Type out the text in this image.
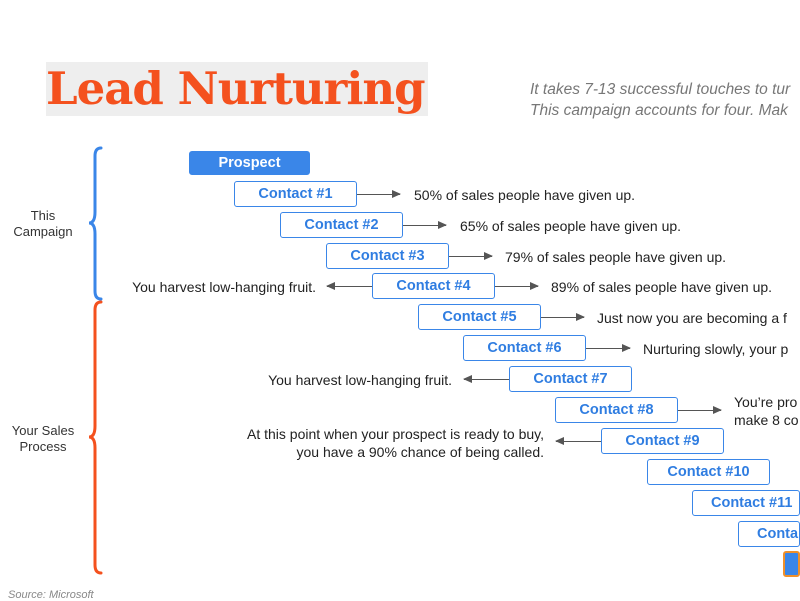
Lead Nurturing	It takes 7-13 successful touches to tur
This campaign accounts for four. Mak
This
Campaign
Your Sales
Process
Prospect
Contact #1
Contact #2
Contact #3
Contact #4
Contact #5
Contact #6
Contact #7
Contact #8
Contact #9
Contact #10
Contact #11
Conta
50% of sales people have given up.
65% of sales people have given up.
79% of sales people have given up.
You harvest low-hanging fruit.	89% of sales people have given up.
Just now you are becoming a f
Nurturing slowly, your p
You harvest low-hanging fruit.
You’re pro
make 8 co
At this point when your prospect is ready to buy,
you have a 90% chance of being called.
Source: Microsoft
